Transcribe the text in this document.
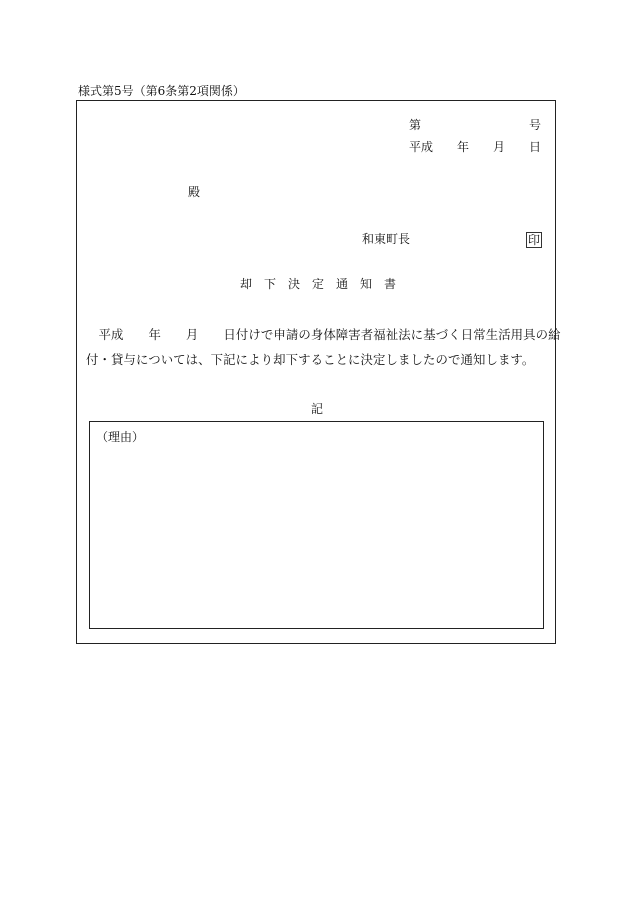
様式第5号（第6条第2項関係）
第	号
平成 年 月 日
殿
和東町長	印
却下決定通知書
　平成　　年　　月　　日付けで申請の身体障害者福祉法に基づく日常生活用具の給
付・貸与については、下記により却下することに決定しましたので通知します。
記
（理由）
